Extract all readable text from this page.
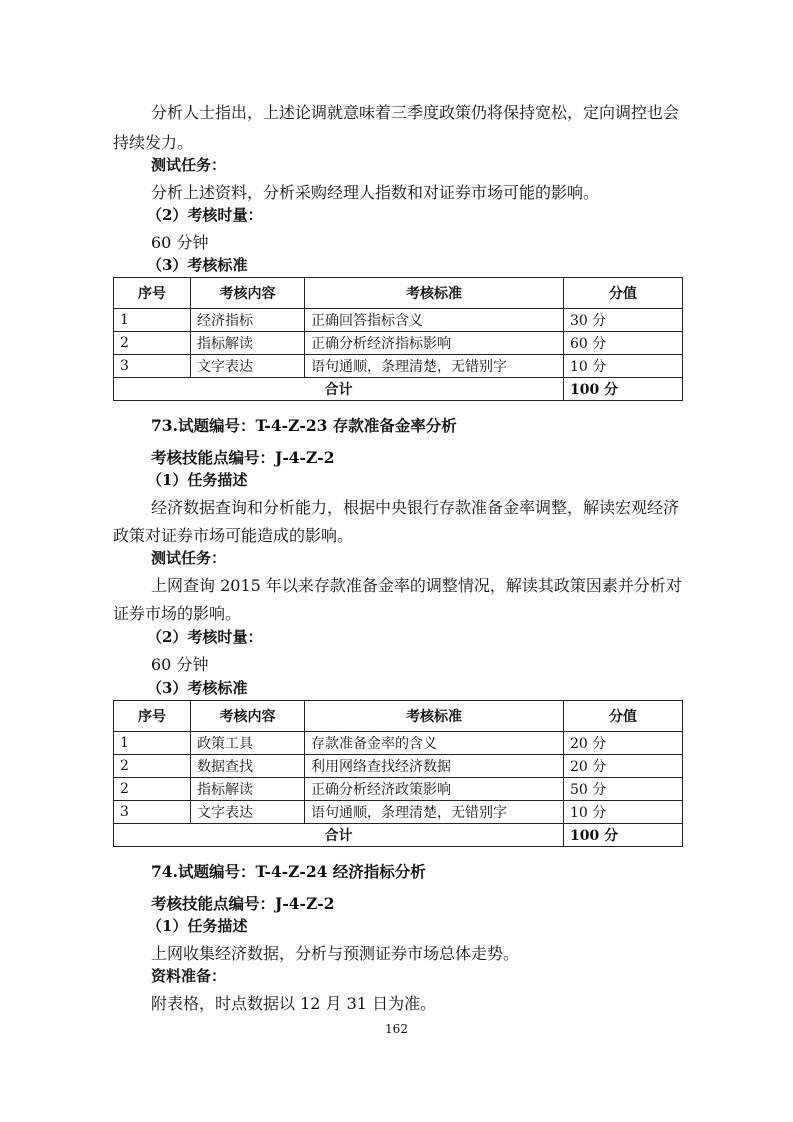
分析人士指出，上述论调就意味着三季度政策仍将保持宽松，定向调控也会
持续发力。
测试任务：
分析上述资料，分析采购经理人指数和对证券市场可能的影响。
（2）考核时量：
60 分钟
（3）考核标准
序号	考核内容	考核标准	分值
1	经济指标	正确回答指标含义	30 分
2	指标解读	正确分析经济指标影响	60 分
3	文字表达	语句通顺，条理清楚，无错别字	10 分
合计			100 分
73.试题编号：T-4-Z-23 存款准备金率分析
考核技能点编号：J-4-Z-2
（1）任务描述
经济数据查询和分析能力，根据中央银行存款准备金率调整，解读宏观经济
政策对证券市场可能造成的影响。
测试任务：
上网查询 2015 年以来存款准备金率的调整情况，解读其政策因素并分析对
证券市场的影响。
（2）考核时量：
60 分钟
（3）考核标准
序号	考核内容	考核标准	分值
1	政策工具	存款准备金率的含义	20 分
2	数据查找	利用网络查找经济数据	20 分
2	指标解读	正确分析经济政策影响	50 分
3	文字表达	语句通顺，条理清楚，无错别字	10 分
合计			100 分
74.试题编号：T-4-Z-24 经济指标分析
考核技能点编号：J-4-Z-2
（1）任务描述
上网收集经济数据，分析与预测证券市场总体走势。
资料准备：
附表格，时点数据以 12 月 31 日为准。
162
